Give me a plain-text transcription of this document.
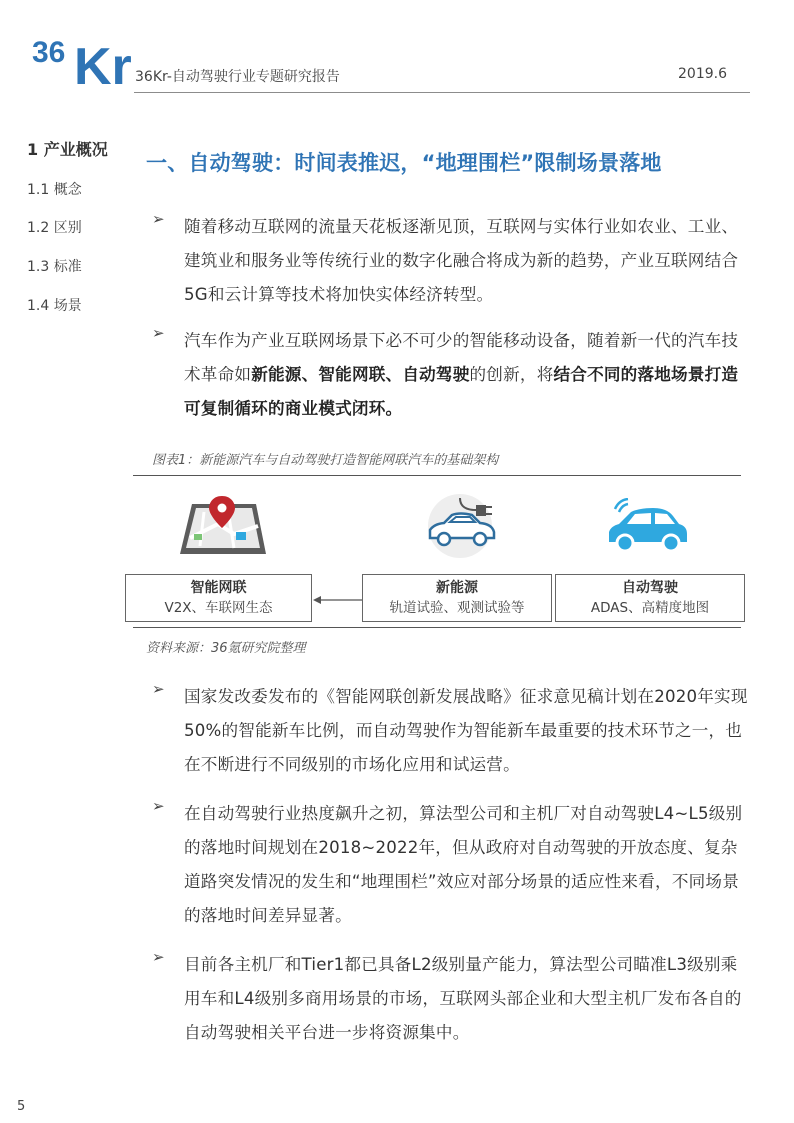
36 Kr 36Kr-自动驾驶行业专题研究报告	2019.6
1 产业概况
1.1 概念
1.2 区别
1.3 标准
1.4 场景
一、自动驾驶：时间表推迟，“地理围栏”限制场景落地
➢ 随着移动互联网的流量天花板逐渐见顶，互联网与实体行业如农业、工业、建筑业和服务业等传统行业的数字化融合将成为新的趋势，产业互联网结合5G和云计算等技术将加快实体经济转型。
➢ 汽车作为产业互联网场景下必不可少的智能移动设备，随着新一代的汽车技术革命如新能源、智能网联、自动驾驶的创新，将结合不同的落地场景打造可复制循环的商业模式闭环。
图表1：新能源汽车与自动驾驶打造智能网联汽车的基础架构
智能网联
V2X、车联网生态
新能源
轨道试验、观测试验等
自动驾驶
ADAS、高精度地图
资料来源：36氪研究院整理
➢ 国家发改委发布的《智能网联创新发展战略》征求意见稿计划在2020年实现50%的智能新车比例，而自动驾驶作为智能新车最重要的技术环节之一，也在不断进行不同级别的市场化应用和试运营。
➢ 在自动驾驶行业热度飙升之初，算法型公司和主机厂对自动驾驶L4~L5级别的落地时间规划在2018~2022年，但从政府对自动驾驶的开放态度、复杂道路突发情况的发生和“地理围栏”效应对部分场景的适应性来看，不同场景的落地时间差异显著。
➢ 目前各主机厂和Tier1都已具备L2级别量产能力，算法型公司瞄准L3级别乘用车和L4级别多商用场景的市场，互联网头部企业和大型主机厂发布各自的自动驾驶相关平台进一步将资源集中。
5
